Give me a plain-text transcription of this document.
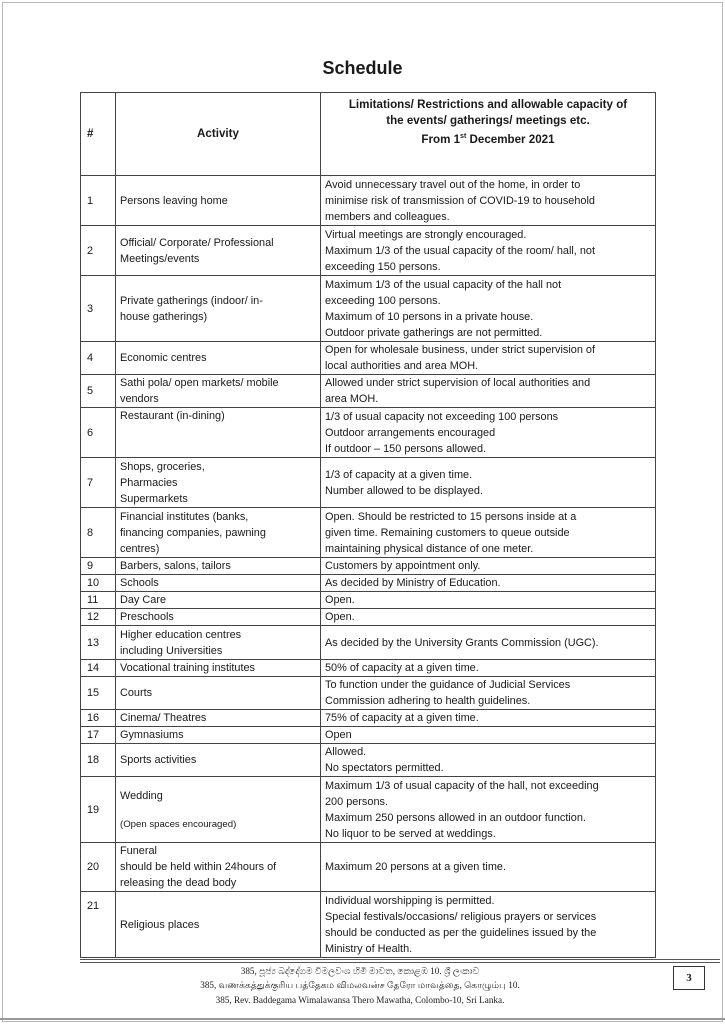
Schedule
#	Activity	Limitations/ Restrictions and allowable capacity of
the events/ gatherings/ meetings etc.
From 1st December 2021

1	Persons leaving home	Avoid unnecessary travel out of the home, in order to
minimise risk of transmission of COVID-19 to household
members and colleagues.

2	Official/ Corporate/ Professional
Meetings/events	Virtual meetings are strongly encouraged.
Maximum 1/3 of the usual capacity of the room/ hall, not
exceeding 150 persons.

3	Private gatherings (indoor/ in-
house gatherings)	Maximum 1/3 of the usual capacity of the hall not
exceeding 100 persons.
Maximum of 10 persons in a private house.
Outdoor private gatherings are not permitted.

4	Economic centres	Open for wholesale business, under strict supervision of
local authorities and area MOH.

5	Sathi pola/ open markets/ mobile
vendors	Allowed under strict supervision of local authorities and
area MOH.

6	Restaurant (in-dining)	1/3 of usual capacity not exceeding 100 persons
Outdoor arrangements encouraged
If outdoor – 150 persons allowed.

7	Shops, groceries,
Pharmacies
Supermarkets	1/3 of capacity at a given time.
Number allowed to be displayed.

8	Financial institutes (banks,
financing companies, pawning
centres)	Open. Should be restricted to 15 persons inside at a
given time. Remaining customers to queue outside
maintaining physical distance of one meter.

9	Barbers, salons, tailors	Customers by appointment only.

10	Schools	As decided by Ministry of Education.

11	Day Care	Open.

12	Preschools	Open.

13	Higher education centres
including Universities	As decided by the University Grants Commission (UGC).

14	Vocational training institutes	50% of capacity at a given time.

15	Courts	To function under the guidance of Judicial Services
Commission adhering to health guidelines.

16	Cinema/ Theatres	75% of capacity at a given time.

17	Gymnasiums	Open

18	Sports activities	Allowed.
No spectators permitted.

19	Wedding
(Open spaces encouraged)	Maximum 1/3 of usual capacity of the hall, not exceeding
200 persons.
Maximum 250 persons allowed in an outdoor function.
No liquor to be served at weddings.

20	Funeral
should be held within 24hours of
releasing the dead body	Maximum 20 persons at a given time.

21	Religious places	Individual worshipping is permitted.
Special festivals/occasions/ religious prayers or services
should be conducted as per the guidelines issued by the
Ministry of Health.
385, පූජ්‍ය බද්දේගම විමලවංශ හිමි මාවත, කොළඹ 10. ශ්‍රී ලංකාව
385, வணக்கத்துக்குரிய பத்தேகம விமலவன்ச தேரோ மாவத்தை, கொழும்பு 10.
385, Rev. Baddegama Wimalawansa Thero Mawatha, Colombo-10, Sri Lanka.
3
